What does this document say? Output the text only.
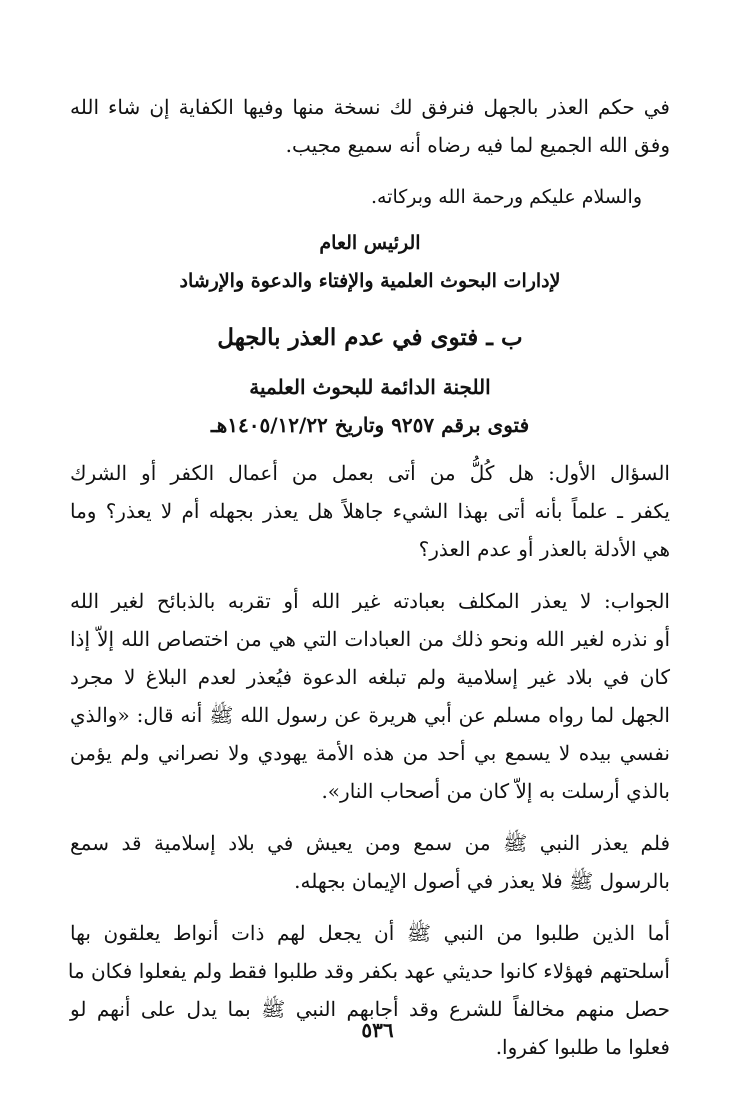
في حكم العذر بالجهل فنرفق لك نسخة منها وفيها الكفاية إن شاء الله
وفق الله الجميع لما فيه رضاه أنه سميع مجيب.
والسلام عليكم ورحمة الله وبركاته.
الرئيس العام
لإدارات البحوث العلمية والإفتاء والدعوة والإرشاد
ب ـ فتوى في عدم العذر بالجهل
اللجنة الدائمة للبحوث العلمية
فتوى برقم ٩٢٥٧ وتاريخ ١٤٠٥/١٢/٢٢هـ
السؤال الأول: هل كُلُّ من أتى بعمل من أعمال الكفر أو الشرك
يكفر ـ علماً بأنه أتى بهذا الشيء جاهلاً هل يعذر بجهله أم لا يعذر؟ وما
هي الأدلة بالعذر أو عدم العذر؟
الجواب: لا يعذر المكلف بعبادته غير الله أو تقربه بالذبائح لغير الله
أو نذره لغير الله ونحو ذلك من العبادات التي هي من اختصاص الله إلاّ إذا
كان في بلاد غير إسلامية ولم تبلغه الدعوة فيُعذر لعدم البلاغ لا مجرد
الجهل لما رواه مسلم عن أبي هريرة عن رسول الله ﷺ أنه قال: «والذي
نفسي بيده لا يسمع بي أحد من هذه الأمة يهودي ولا نصراني ولم يؤمن
بالذي أرسلت به إلاّ كان من أصحاب النار».
فلم يعذر النبي ﷺ من سمع ومن يعيش في بلاد إسلامية قد سمع
بالرسول ﷺ فلا يعذر في أصول الإيمان بجهله.
أما الذين طلبوا من النبي ﷺ أن يجعل لهم ذات أنواط يعلقون بها
أسلحتهم فهؤلاء كانوا حديثي عهد بكفر وقد طلبوا فقط ولم يفعلوا فكان ما
حصل منهم مخالفاً للشرع وقد أجابهم النبي ﷺ بما يدل على أنهم لو
فعلوا ما طلبوا كفروا.
٥٣٦
